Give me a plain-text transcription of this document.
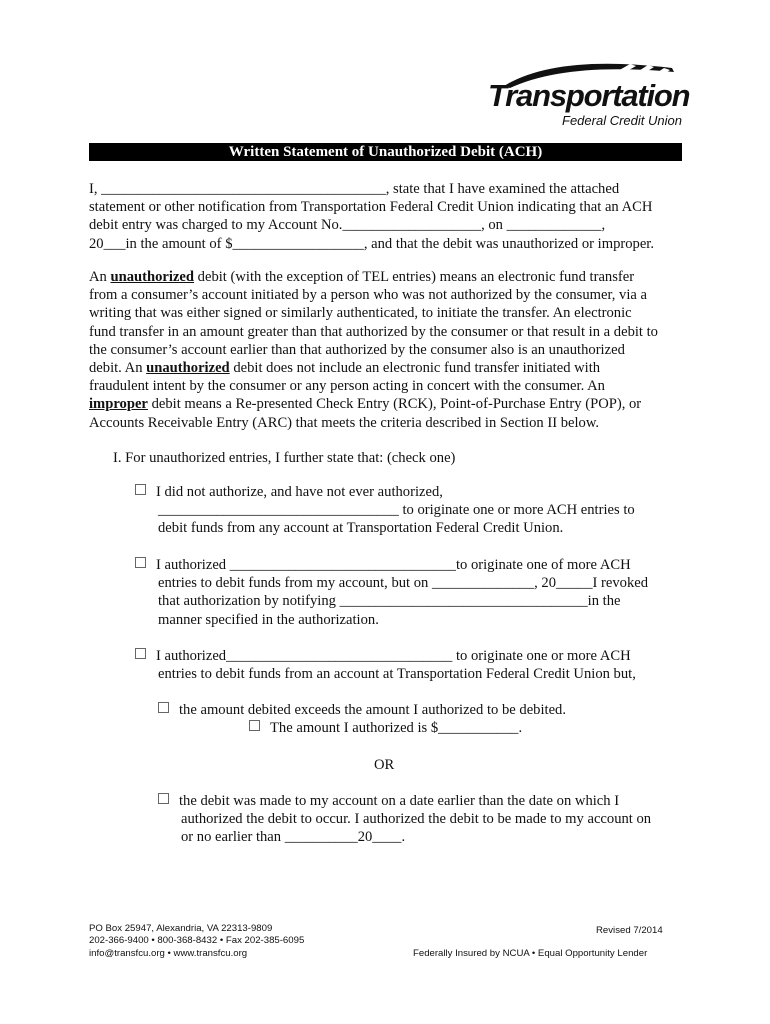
Transportation
Federal Credit Union
Written Statement of Unauthorized Debit (ACH)
I, _______________________________________, state that I have examined the attached
statement or other notification from Transportation Federal Credit Union indicating that an ACH
debit entry was charged to my Account No.___________________, on _____________,
20___in the amount of $__________________, and that the debit was unauthorized or improper.
An unauthorized debit (with the exception of TEL entries) means an electronic fund transfer
from a consumer’s account initiated by a person who was not authorized by the consumer, via a
writing that was either signed or similarly authenticated, to initiate the transfer. An electronic
fund transfer in an amount greater than that authorized by the consumer or that result in a debit to
the consumer’s account earlier than that authorized by the consumer also is an unauthorized
debit. An unauthorized debit does not include an electronic fund transfer initiated with
fraudulent intent by the consumer or any person acting in concert with the consumer. An
improper debit means a Re-presented Check Entry (RCK), Point-of-Purchase Entry (POP), or
Accounts Receivable Entry (ARC) that meets the criteria described in Section II below.
I. For unauthorized entries, I further state that: (check one)
I did not authorize, and have not ever authorized,
_________________________________ to originate one or more ACH entries to
debit funds from any account at Transportation Federal Credit Union.
I authorized _______________________________to originate one of more ACH
entries to debit funds from my account, but on ______________, 20_____I revoked
that authorization by notifying __________________________________in the
manner specified in the authorization.
I authorized_______________________________ to originate one or more ACH
entries to debit funds from an account at Transportation Federal Credit Union but,
the amount debited exceeds the amount I authorized to be debited.
The amount I authorized is $___________.
OR
the debit was made to my account on a date earlier than the date on which I
authorized the debit to occur. I authorized the debit to be made to my account on
or no earlier than __________20____.
PO Box 25947, Alexandria, VA 22313-9809
202-366-9400 • 800-368-8432 • Fax 202-385-6095
info@transfcu.org • www.transfcu.org
Revised 7/2014
Federally Insured by NCUA • Equal Opportunity Lender
